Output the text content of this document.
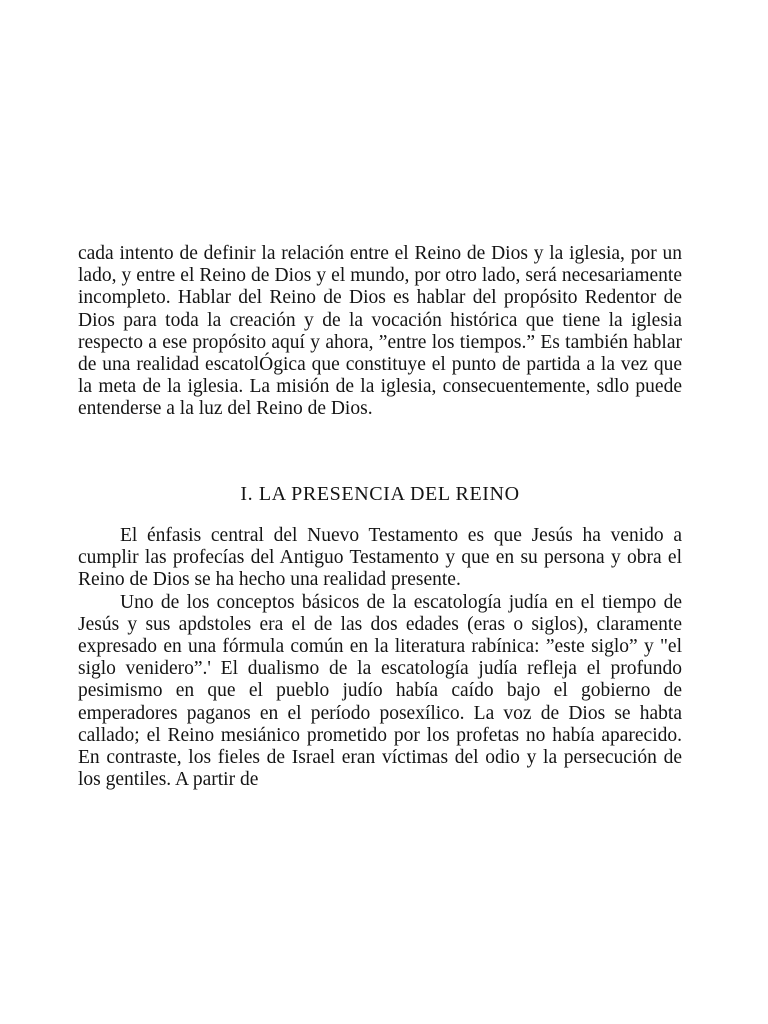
cada intento de definir la relación entre el Reino de Dios y la iglesia, por un lado, y entre el Reino de Dios y el mundo, por otro lado, será necesariamente incompleto. Hablar del Reino de Dios es hablar del propósito Redentor de Dios para toda la creación y de la vocación histórica que tiene la iglesia respecto a ese propósito aquí y ahora, ”entre los tiempos.” Es también hablar de una realidad escatolÓgica que constituye el punto de partida a la vez que la meta de la iglesia. La misión de la iglesia, consecuentemente, sdlo puede entenderse a la luz del Reino de Dios.

I. LA PRESENCIA DEL REINO

El énfasis central del Nuevo Testamento es que Jesús ha venido a cumplir las profecías del Antiguo Testamento y que en su persona y obra el Reino de Dios se ha hecho una realidad presente.

Uno de los conceptos básicos de la escatología judía en el tiempo de Jesús y sus apdstoles era el de las dos edades (eras o siglos), claramente expresado en una fórmula común en la literatura rabínica: ”este siglo” y "el siglo venidero”.' El dualismo de la escatología judía refleja el profundo pesimismo en que el pueblo judío había caído bajo el gobierno de emperadores paganos en el período posexílico. La voz de Dios se habta callado; el Reino mesiánico prometido por los profetas no había aparecido. En contraste, los fieles de Israel eran víctimas del odio y la persecución de los gentiles. A partir de
